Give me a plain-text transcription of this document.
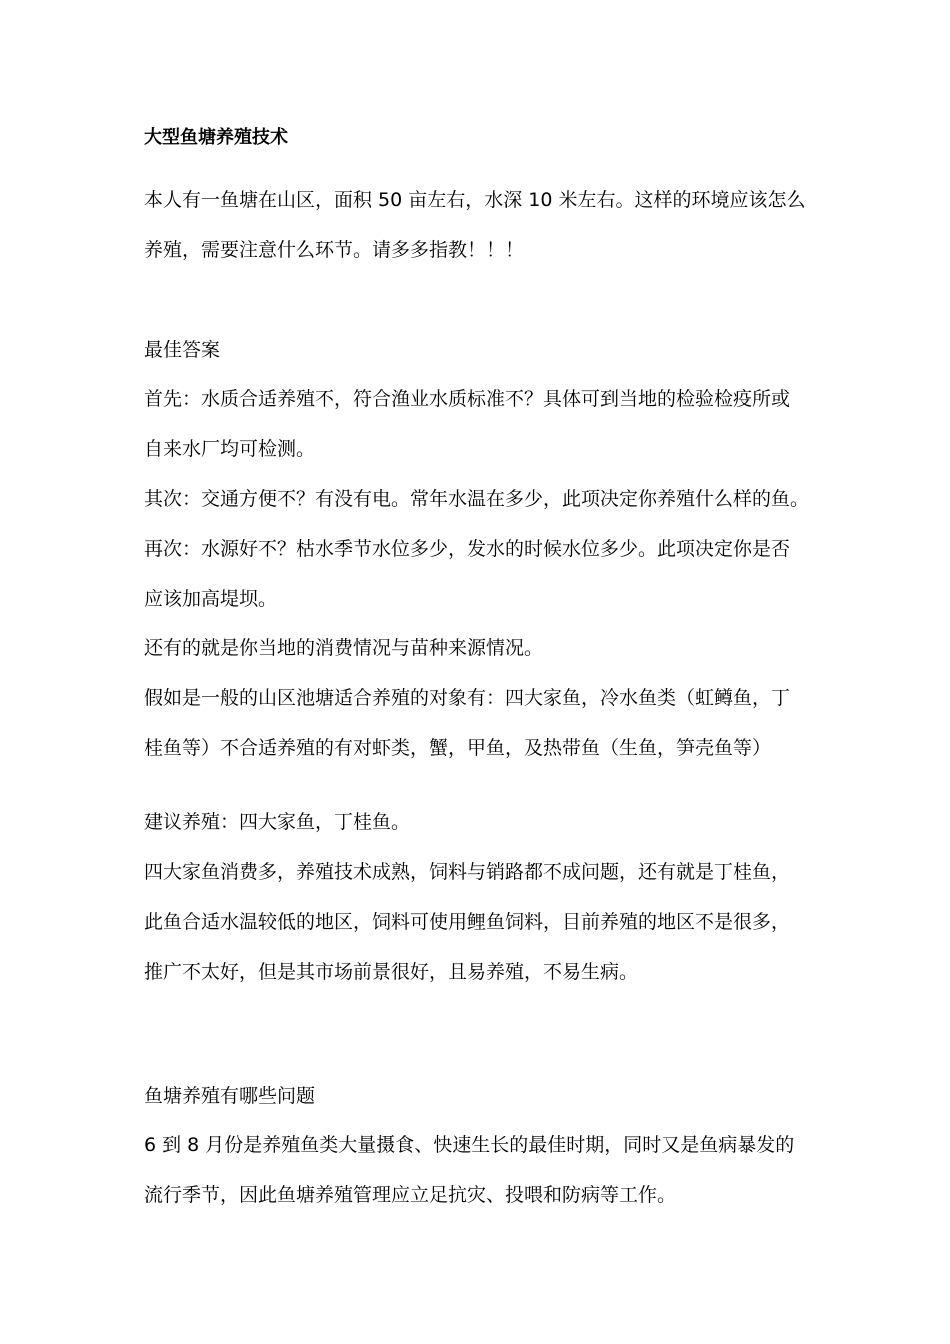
大型鱼塘养殖技术
本人有一鱼塘在山区，面积 50 亩左右，水深 10 米左右。这样的环境应该怎么
养殖，需要注意什么环节。请多多指教！！！
最佳答案
首先：水质合适养殖不，符合渔业水质标准不？具体可到当地的检验检疫所或
自来水厂均可检测。
其次：交通方便不？有没有电。常年水温在多少，此项决定你养殖什么样的鱼。
再次：水源好不？枯水季节水位多少，发水的时候水位多少。此项决定你是否
应该加高堤坝。
还有的就是你当地的消费情况与苗种来源情况。
假如是一般的山区池塘适合养殖的对象有：四大家鱼，冷水鱼类（虹鳟鱼，丁
桂鱼等）不合适养殖的有对虾类，蟹，甲鱼，及热带鱼（生鱼，笋壳鱼等）
建议养殖：四大家鱼，丁桂鱼。
四大家鱼消费多，养殖技术成熟，饲料与销路都不成问题，还有就是丁桂鱼，
此鱼合适水温较低的地区，饲料可使用鲤鱼饲料，目前养殖的地区不是很多，
推广不太好，但是其市场前景很好，且易养殖，不易生病。
鱼塘养殖有哪些问题
6 到 8 月份是养殖鱼类大量摄食、快速生长的最佳时期，同时又是鱼病暴发的
流行季节，因此鱼塘养殖管理应立足抗灾、投喂和防病等工作。
